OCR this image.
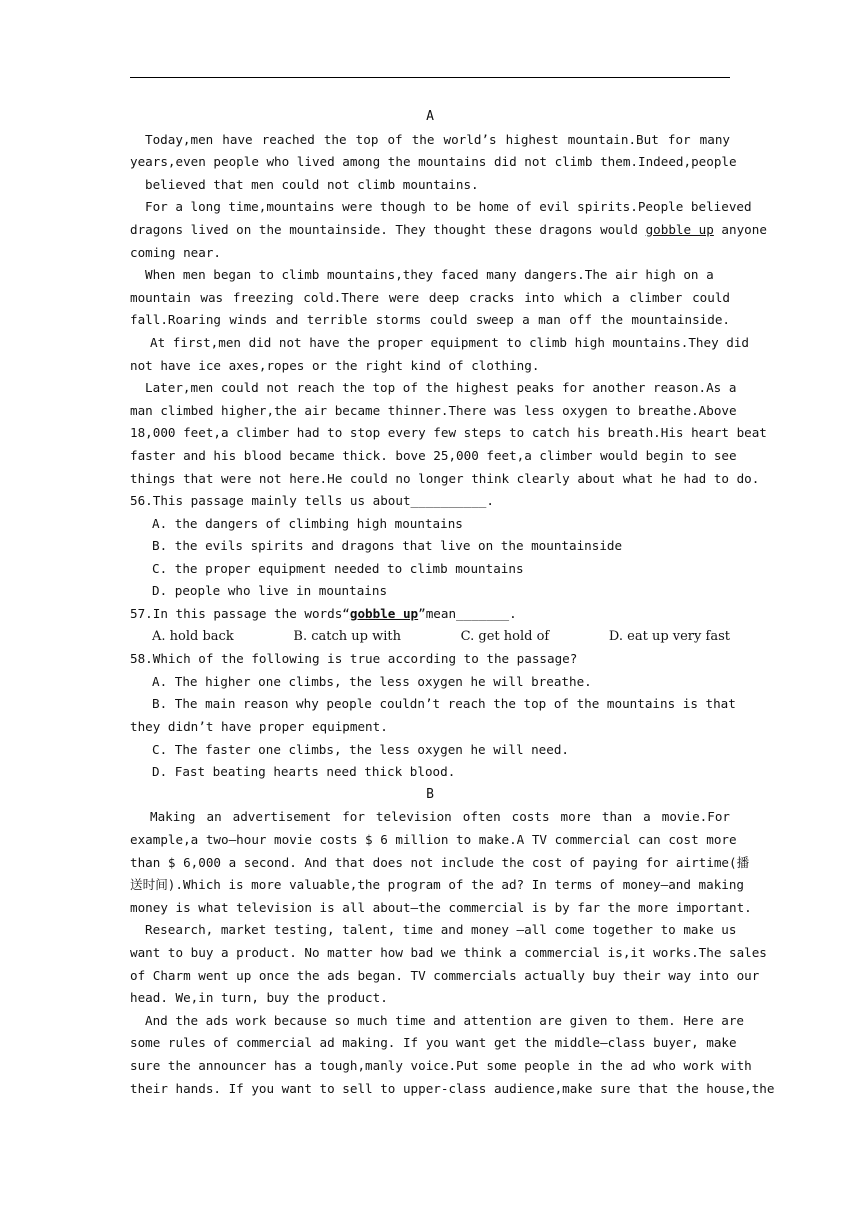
A
Today,men have reached the top of the world’s highest mountain.But for many
years,even people who lived among the mountains did not climb them.Indeed,people
believed that men could not climb mountains.
For a long time,mountains were though to be home of evil spirits.People believed
dragons lived on the mountainside. They thought these dragons would gobble up anyone
coming near.
When men began to climb mountains,they faced many dangers.The air high on a
mountain was freezing cold.There were deep cracks into which a climber could
fall.Roaring winds and terrible storms could sweep a man off the mountainside.
At first,men did not have the proper equipment to climb high mountains.They did
not have ice axes,ropes or the right kind of clothing.
Later,men could not reach the top of the highest peaks for another reason.As a
man climbed higher,the air became thinner.There was less oxygen to breathe.Above
18,000 feet,a climber had to stop every few steps to catch his breath.His heart beat
faster and his blood became thick. bove 25,000 feet,a climber would begin to see
things that were not here.He could no longer think clearly about what he had to do.
56.This passage mainly tells us about__________.
A. the dangers of climbing high mountains
B. the evils spirits and dragons that live on the mountainside
C. the proper equipment needed to climb mountains
D. people who live in mountains
57.In this passage the words“gobble up”mean_______.
A. hold back	B. catch up with	C. get hold of	D. eat up very fast
58.Which of the following is true according to the passage?
A. The higher one climbs, the less oxygen he will breathe.
B. The main reason why people couldn’t reach the top of the mountains is that
they didn’t have proper equipment.
C. The faster one climbs, the less oxygen he will need.
D. Fast beating hearts need thick blood.
B
Making an advertisement for television often costs more than a movie.For
example,a two—hour movie costs $ 6 million to make.A TV commercial can cost more
than $ 6,000 a second. And that does not include the cost of paying for airtime(播
送时间).Which is more valuable,the program of the ad? In terms of money—and making
money is what television is all about—the commercial is by far the more important.
Research, market testing, talent, time and money —all come together to make us
want to buy a product. No matter how bad we think a commercial is,it works.The sales
of Charm went up once the ads began. TV commercials actually buy their way into our
head. We,in turn, buy the product.
And the ads work because so much time and attention are given to them. Here are
some rules of commercial ad making. If you want get the middle—class buyer, make
sure the announcer has a tough,manly voice.Put some people in the ad who work with
their hands. If you want to sell to upper-class audience,make sure that the house,the
